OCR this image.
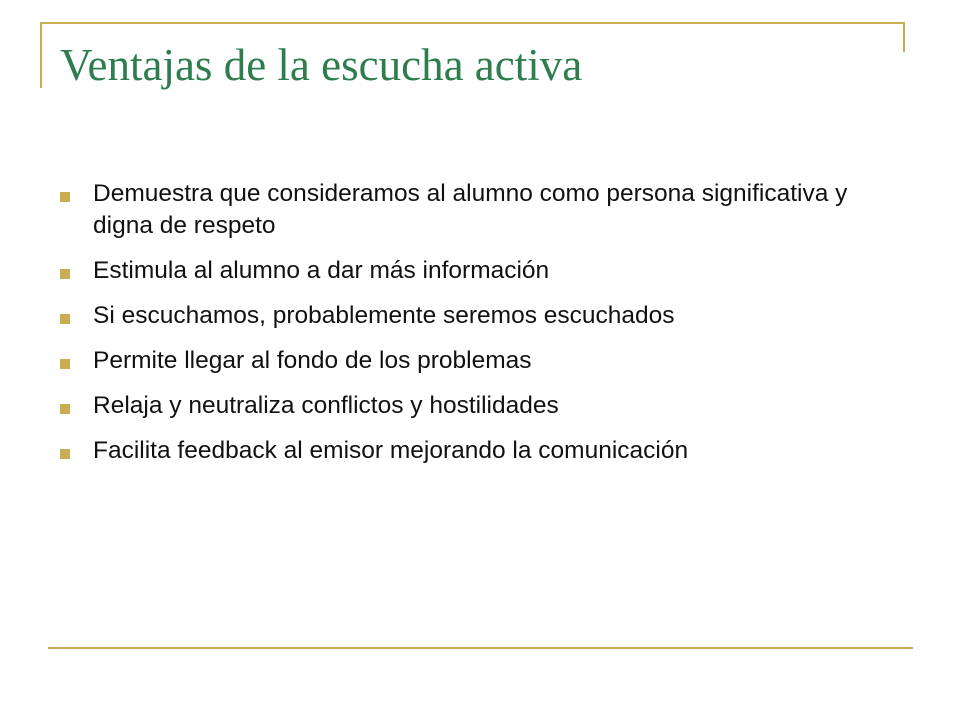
Ventajas de la escucha activa
Demuestra que consideramos al alumno como persona significativa y digna de respeto
Estimula al alumno a dar más información
Si escuchamos, probablemente seremos escuchados
Permite llegar al fondo de los problemas
Relaja y neutraliza conflictos y hostilidades
Facilita feedback al emisor mejorando la comunicación
